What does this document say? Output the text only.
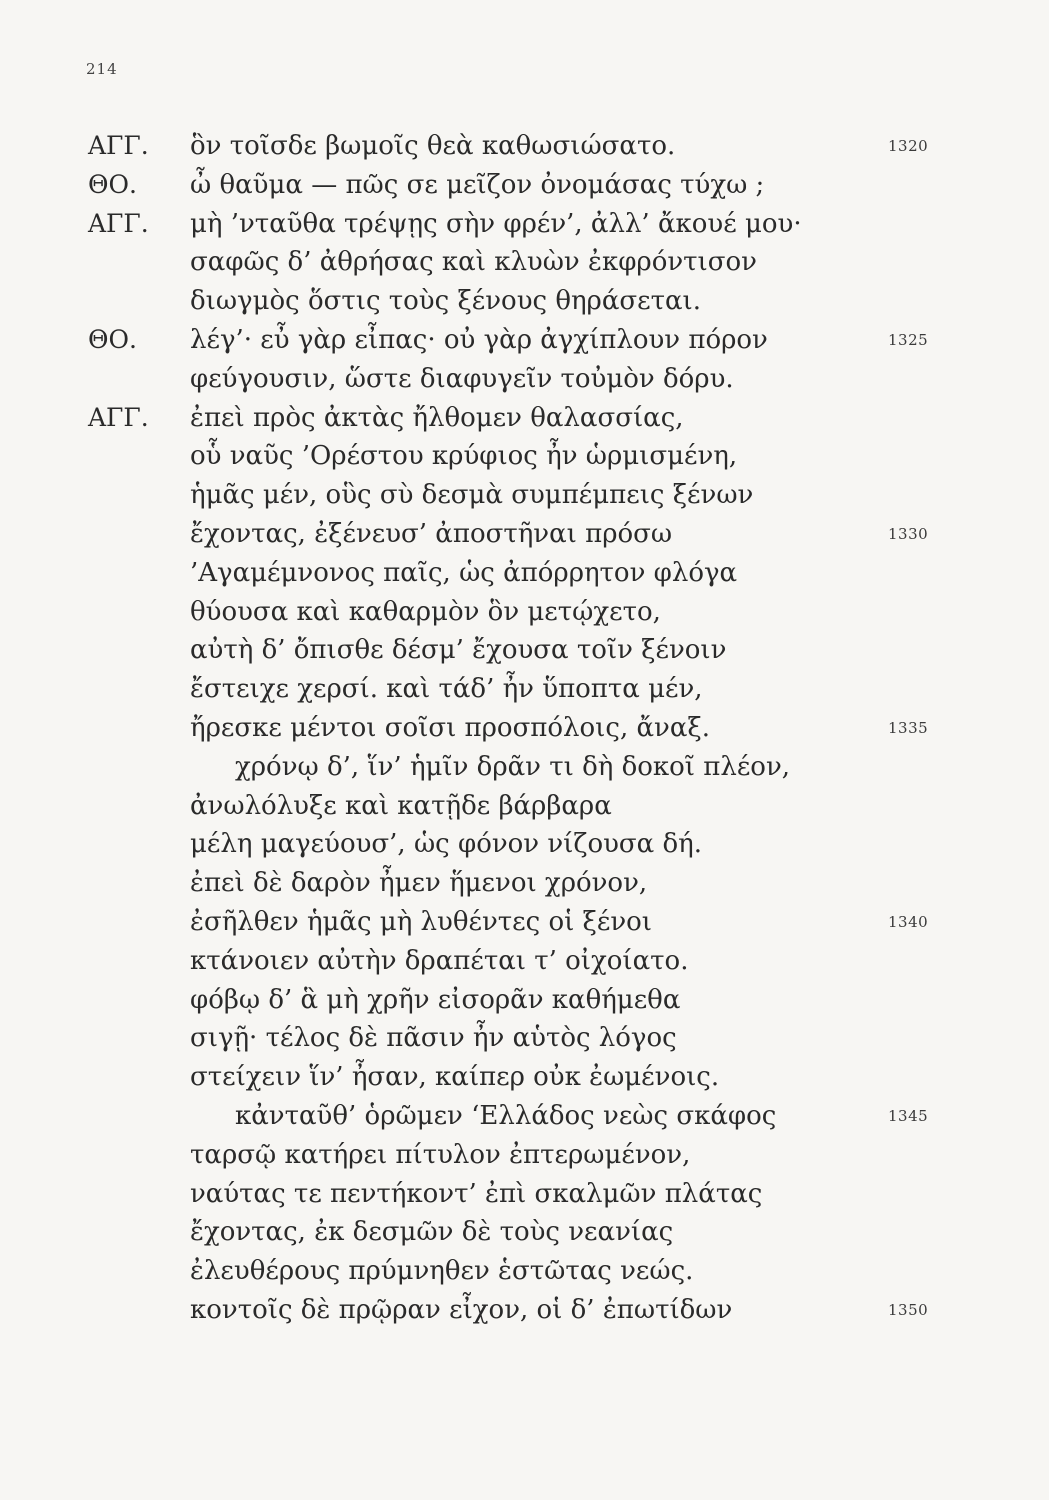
214
ΑΓΓ. ὃν τοῖσδε βωμοῖς θεὰ καθωσιώσατο.	1320
ΘΟ. ὦ θαῦμα — πῶς σε μεῖζον ὀνομάσας τύχω ;
ΑΓΓ. μὴ ’νταῦθα τρέψῃς σὴν φρέν’, ἀλλ’ ἄκουέ μου·
σαφῶς δ’ ἀθρήσας καὶ κλυὼν ἐκφρόντισον
διωγμὸς ὅστις τοὺς ξένους θηράσεται.
ΘΟ. λέγ’· εὖ γὰρ εἶπας· οὐ γὰρ ἀγχίπλουν πόρον	1325
φεύγουσιν, ὥστε διαφυγεῖν τοὐμὸν δόρυ.
ΑΓΓ. ἐπεὶ πρὸς ἀκτὰς ἤλθομεν θαλασσίας,
οὗ ναῦς ’Ορέστου κρύφιος ἦν ὡρμισμένη,
ἡμᾶς μέν, οὓς σὺ δεσμὰ συμπέμπεις ξένων
ἔχοντας, ἐξένευσ’ ἀποστῆναι πρόσω	1330
’Αγαμέμνονος παῖς, ὡς ἀπόρρητον φλόγα
θύουσα καὶ καθαρμὸν ὃν μετῴχετο,
αὐτὴ δ’ ὄπισθε δέσμ’ ἔχουσα τοῖν ξένοιν
ἔστειχε χερσί. καὶ τάδ’ ἦν ὕποπτα μέν,
ἤρεσκε μέντοι σοῖσι προσπόλοις, ἄναξ.	1335
χρόνῳ δ’, ἵν’ ἡμῖν δρᾶν τι δὴ δοκοῖ πλέον,
ἀνωλόλυξε καὶ κατῇδε βάρβαρα
μέλη μαγεύουσ’, ὡς φόνον νίζουσα δή.
ἐπεὶ δὲ δαρὸν ἦμεν ἥμενοι χρόνον,
ἐσῆλθεν ἡμᾶς μὴ λυθέντες οἱ ξένοι	1340
κτάνοιεν αὐτὴν δραπέται τ’ οἰχοίατο.
φόβῳ δ’ ἃ μὴ χρῆν εἰσορᾶν καθήμεθα
σιγῇ· τέλος δὲ πᾶσιν ἦν αὑτὸς λόγος
στείχειν ἵν’ ἦσαν, καίπερ οὐκ ἐωμένοις.
κἀνταῦθ’ ὁρῶμεν ‘Ελλάδος νεὼς σκάφος	1345
ταρσῷ κατήρει πίτυλον ἐπτερωμένον,
ναύτας τε πεντήκοντ’ ἐπὶ σκαλμῶν πλάτας
ἔχοντας, ἐκ δεσμῶν δὲ τοὺς νεανίας
ἐλευθέρους πρύμνηθεν ἑστῶτας νεώς.
κοντοῖς δὲ πρῷραν εἶχον, οἱ δ’ ἐπωτίδων	1350
